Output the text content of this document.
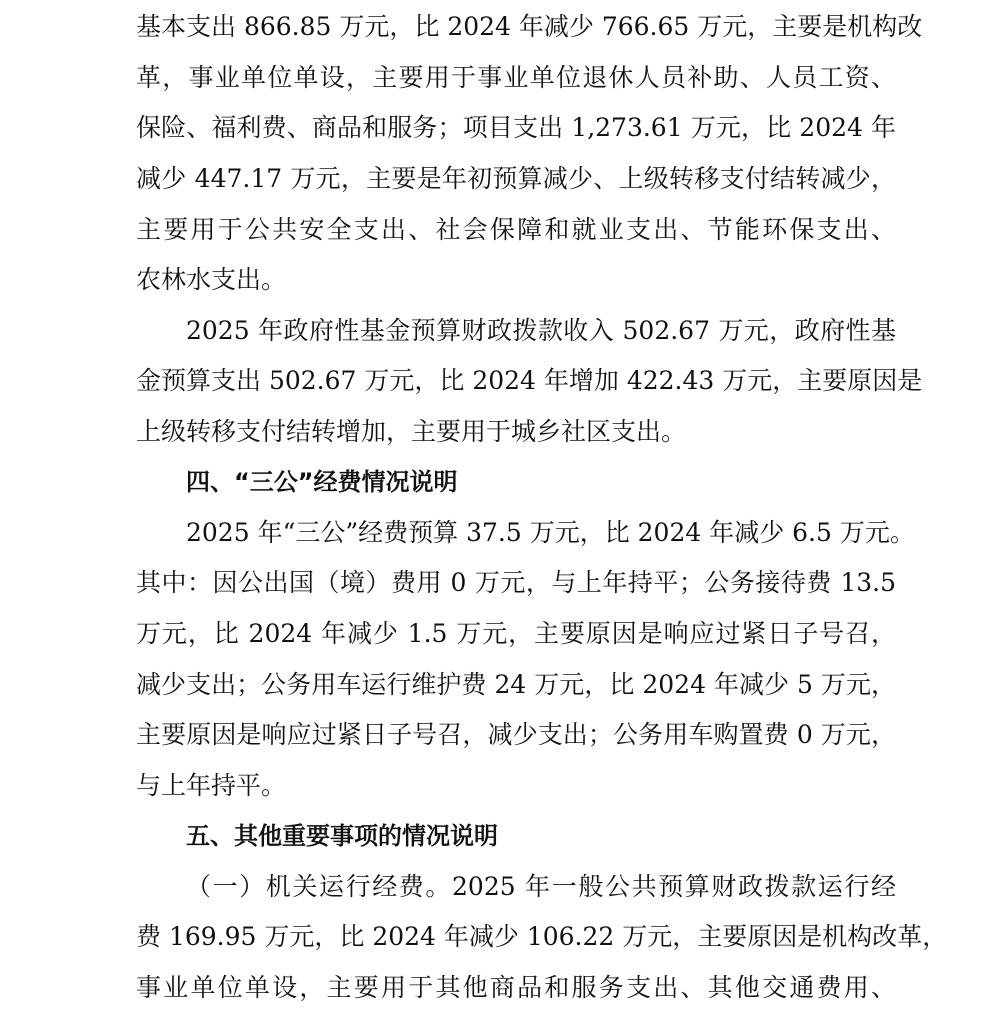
基本支出 866.85 万元，比 2024 年减少 766.65 万元，主要是机构改
革，事业单位单设，主要用于事业单位退休人员补助、人员工资、
保险、福利费、商品和服务；项目支出 1,273.61 万元，比 2024 年
减少 447.17 万元，主要是年初预算减少、上级转移支付结转减少，
主要用于公共安全支出、社会保障和就业支出、节能环保支出、
农林水支出。
2025 年政府性基金预算财政拨款收入 502.67 万元，政府性基
金预算支出 502.67 万元，比 2024 年增加 422.43 万元，主要原因是
上级转移支付结转增加，主要用于城乡社区支出。
四、“三公”经费情况说明
2025 年“三公”经费预算 37.5 万元，比 2024 年减少 6.5 万元。
其中：因公出国（境）费用 0 万元，与上年持平；公务接待费 13.5
万元，比 2024 年减少 1.5 万元，主要原因是响应过紧日子号召，
减少支出；公务用车运行维护费 24 万元，比 2024 年减少 5 万元，
主要原因是响应过紧日子号召，减少支出；公务用车购置费 0 万元，
与上年持平。
五、其他重要事项的情况说明
（一）机关运行经费。2025 年一般公共预算财政拨款运行经
费 169.95 万元，比 2024 年减少 106.22 万元，主要原因是机构改革，
事业单位单设，主要用于其他商品和服务支出、其他交通费用、
